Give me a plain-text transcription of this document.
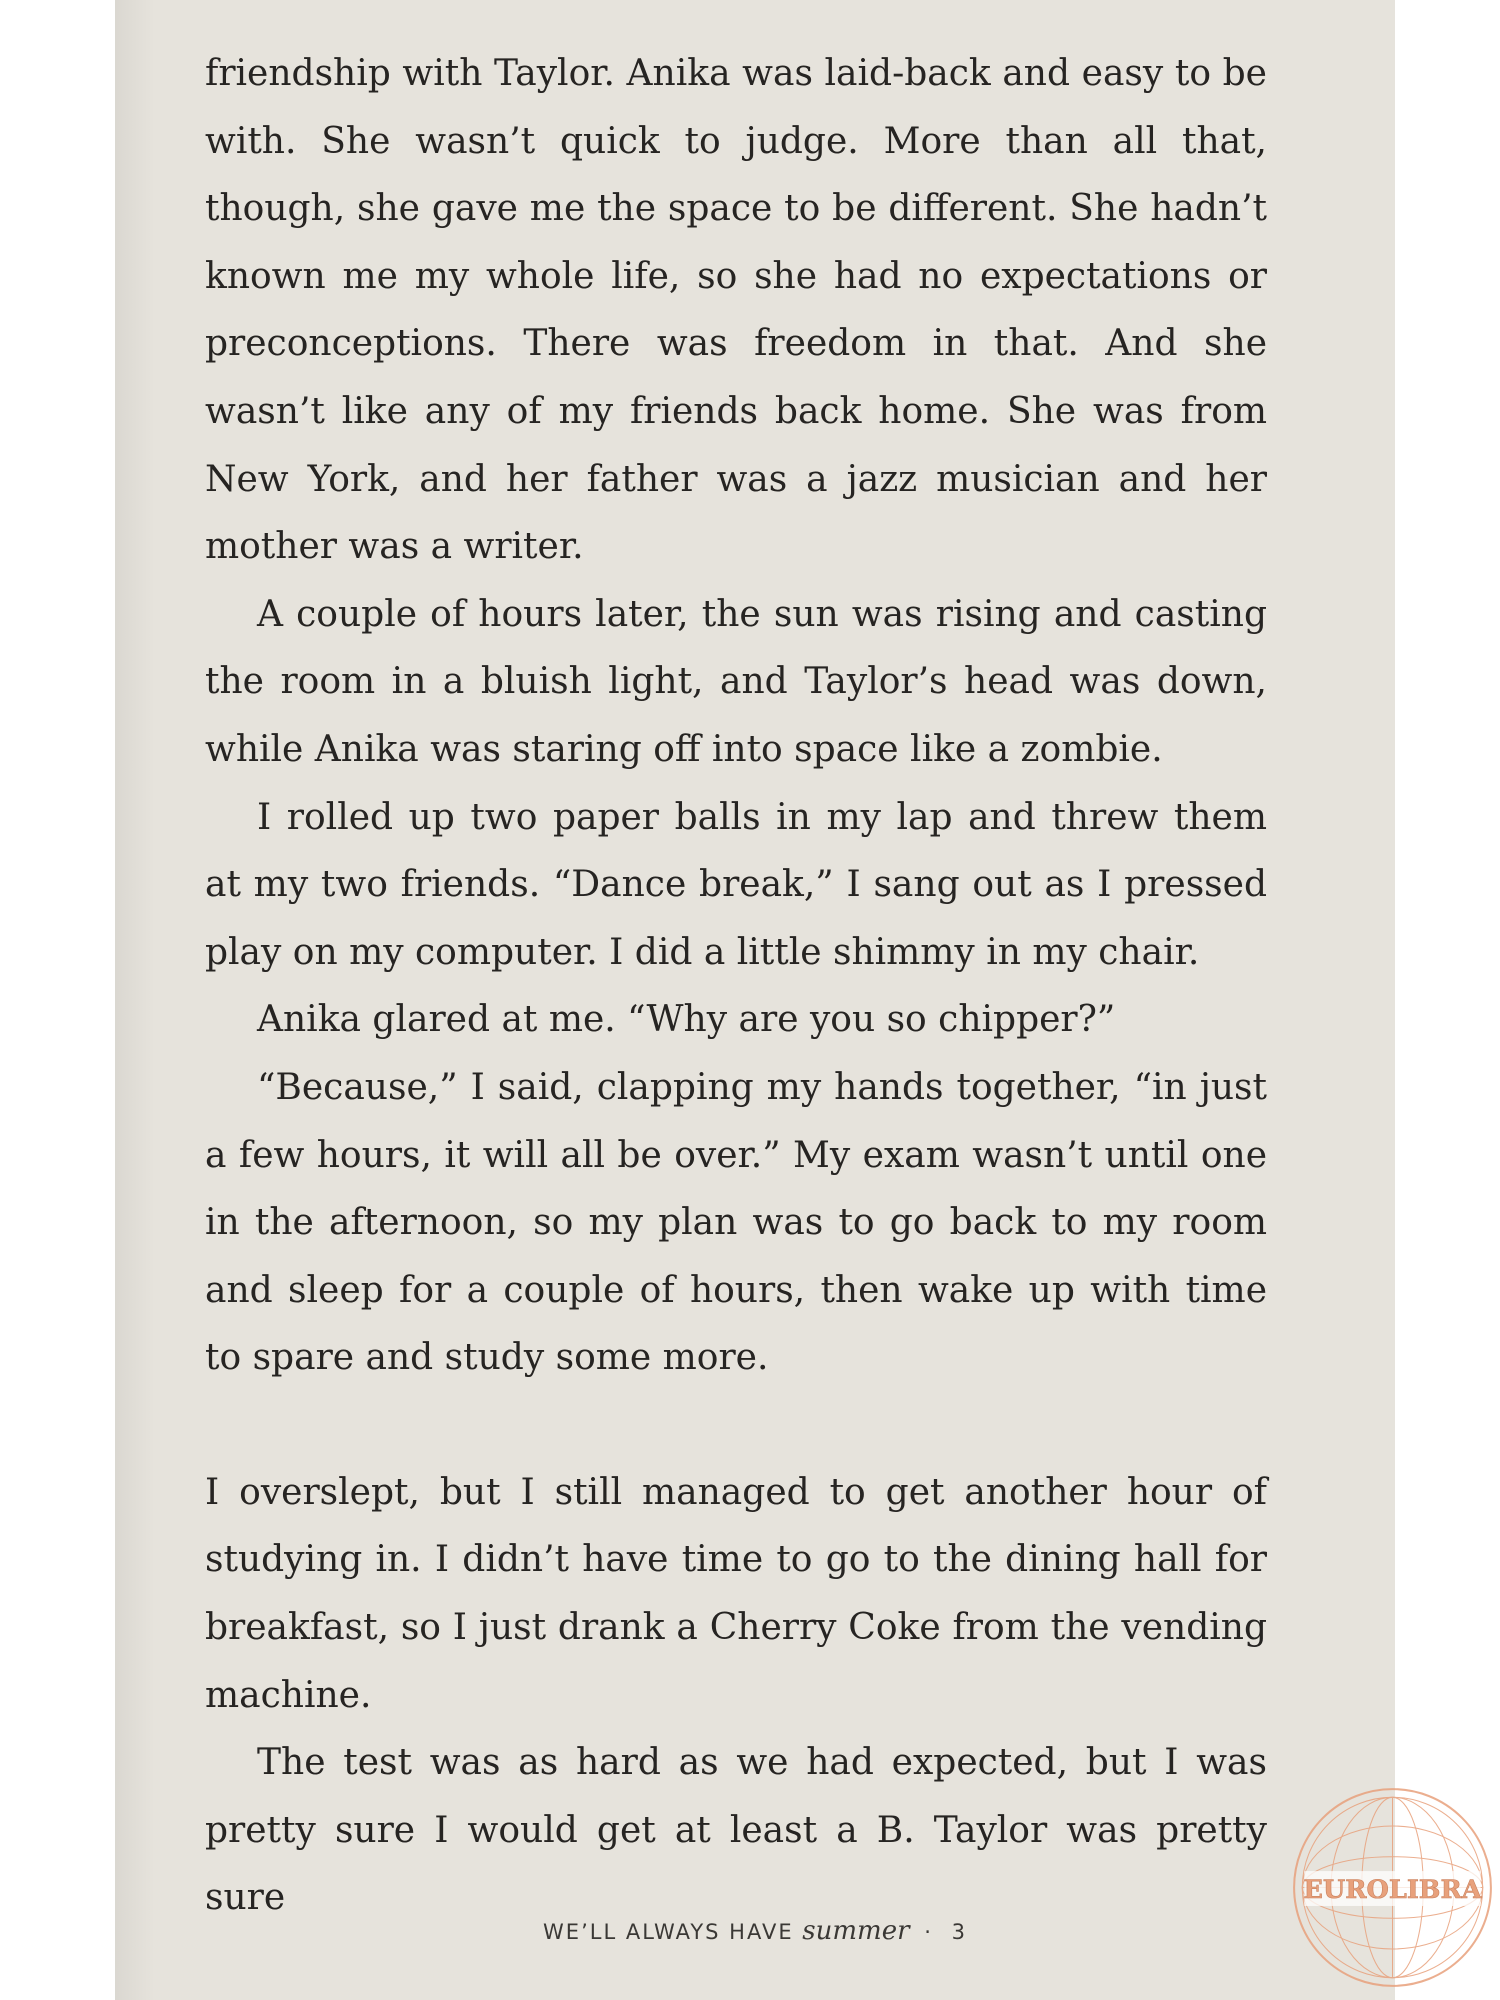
friendship with Taylor. Anika was laid-back and easy to be with. She wasn’t quick to judge. More than all that, though, she gave me the space to be different. She hadn’t known me my whole life, so she had no expectations or preconceptions. There was freedom in that. And she wasn’t like any of my friends back home. She was from New York, and her father was a jazz musician and her mother was a writer.

A couple of hours later, the sun was rising and casting the room in a bluish light, and Taylor’s head was down, while Anika was staring off into space like a zombie.

I rolled up two paper balls in my lap and threw them at my two friends. “Dance break,” I sang out as I pressed play on my computer. I did a little shimmy in my chair.

Anika glared at me. “Why are you so chipper?”

“Because,” I said, clapping my hands together, “in just a few hours, it will all be over.” My exam wasn’t until one in the afternoon, so my plan was to go back to my room and sleep for a couple of hours, then wake up with time to spare and study some more.

I overslept, but I still managed to get another hour of studying in. I didn’t have time to go to the dining hall for breakfast, so I just drank a Cherry Coke from the vending machine.

The test was as hard as we had expected, but I was pretty sure I would get at least a B. Taylor was pretty sure

WE’LL ALWAYS HAVE summer · 3
EUROLIBRA
